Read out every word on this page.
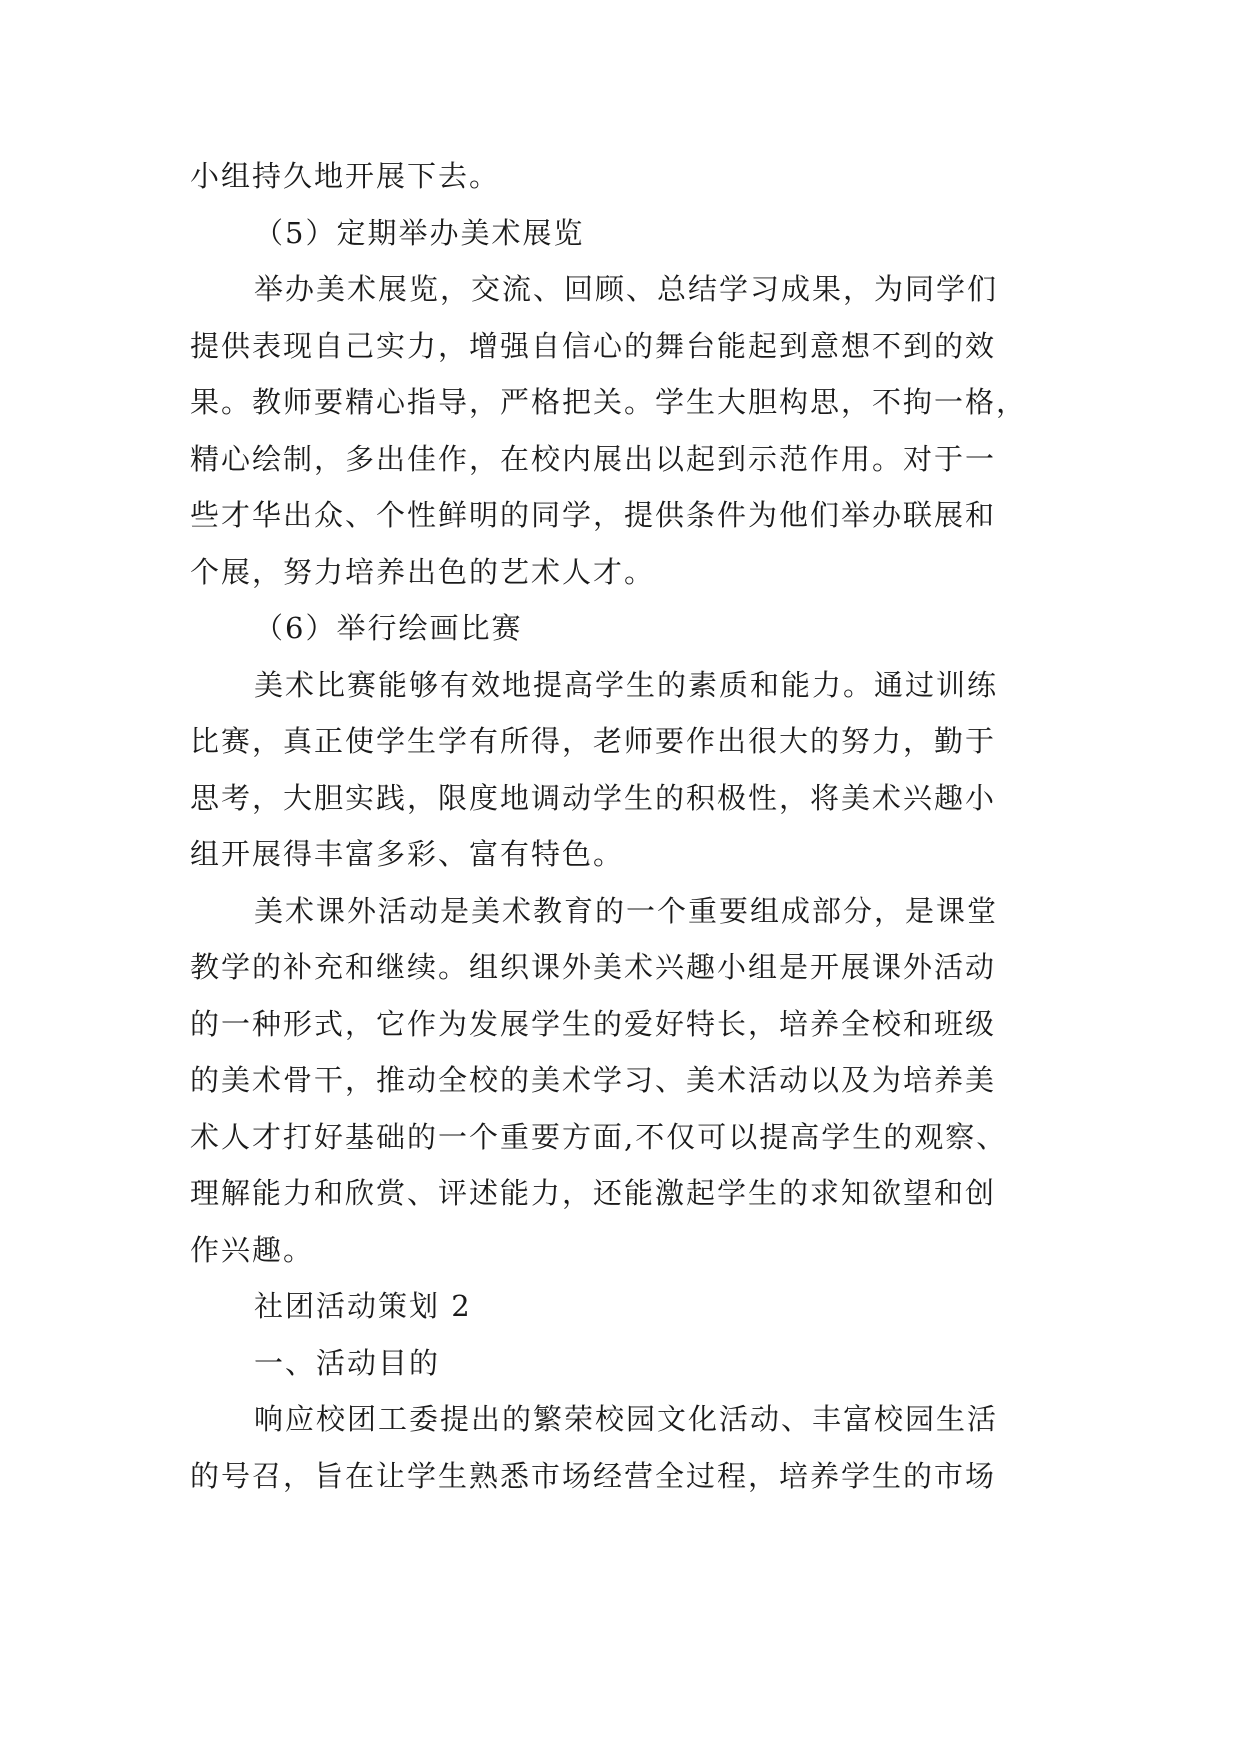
小组持久地开展下去。
（5）定期举办美术展览
举办美术展览，交流、回顾、总结学习成果，为同学们
提供表现自己实力，增强自信心的舞台能起到意想不到的效
果。教师要精心指导，严格把关。学生大胆构思，不拘一格，
精心绘制，多出佳作，在校内展出以起到示范作用。对于一
些才华出众、个性鲜明的同学，提供条件为他们举办联展和
个展，努力培养出色的艺术人才。
（6）举行绘画比赛
美术比赛能够有效地提高学生的素质和能力。通过训练
比赛，真正使学生学有所得，老师要作出很大的努力，勤于
思考，大胆实践，限度地调动学生的积极性，将美术兴趣小
组开展得丰富多彩、富有特色。
美术课外活动是美术教育的一个重要组成部分，是课堂
教学的补充和继续。组织课外美术兴趣小组是开展课外活动
的一种形式，它作为发展学生的爱好特长，培养全校和班级
的美术骨干，推动全校的美术学习、美术活动以及为培养美
术人才打好基础的一个重要方面,不仅可以提高学生的观察、
理解能力和欣赏、评述能力，还能激起学生的求知欲望和创
作兴趣。
社团活动策划 2
一、活动目的
响应校团工委提出的繁荣校园文化活动、丰富校园生活
的号召，旨在让学生熟悉市场经营全过程，培养学生的市场
